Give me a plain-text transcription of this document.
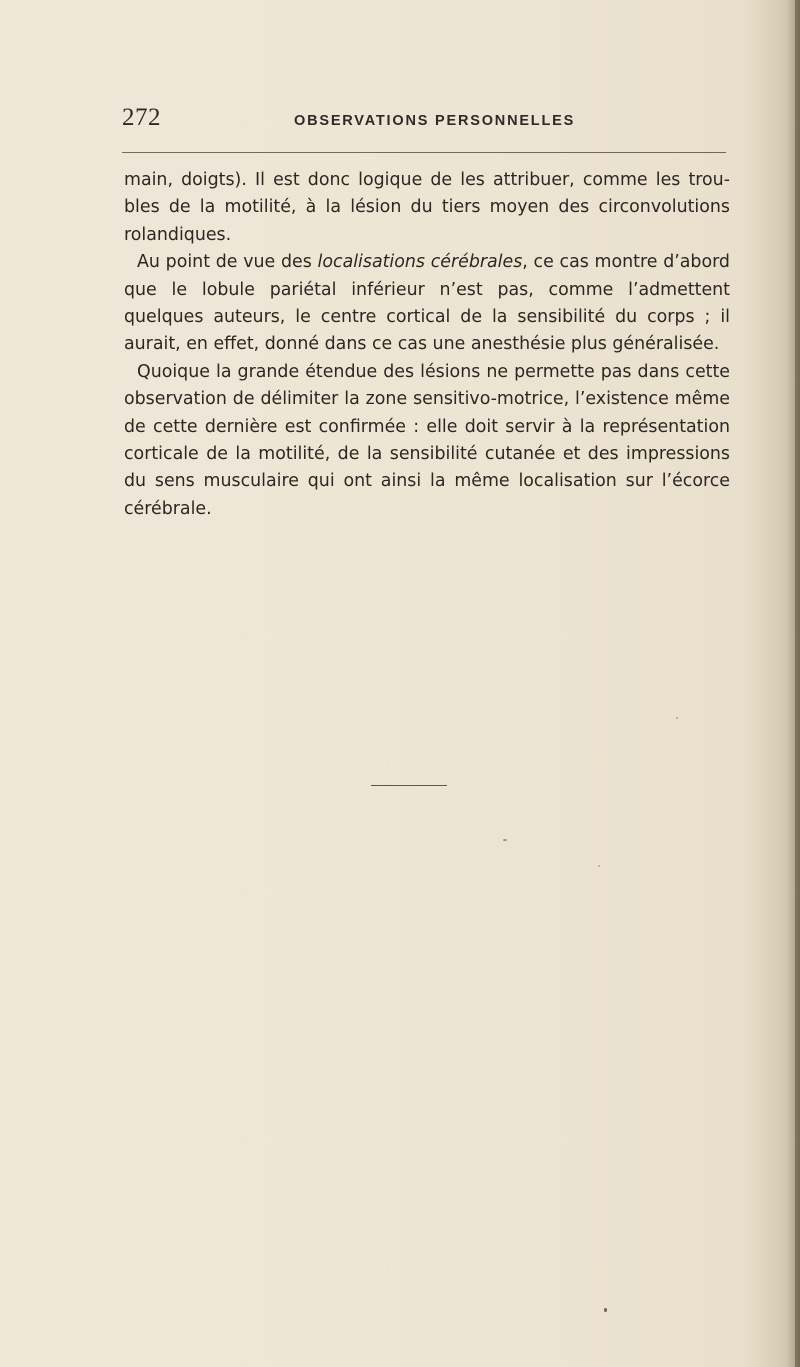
272	OBSERVATIONS PERSONNELLES

main, doigts). Il est donc logique de les attribuer, comme les troubles de la motilité, à la lésion du tiers moyen des circonvolutions rolandiques.

Au point de vue des localisations cérébrales, ce cas montre d’abord que le lobule pariétal inférieur n’est pas, comme l’admettent quelques auteurs, le centre cortical de la sensibilité du corps ; il aurait, en effet, donné dans ce cas une anesthésie plus généralisée.

Quoique la grande étendue des lésions ne permette pas dans cette observation de délimiter la zone sensitivo-motrice, l’existence même de cette dernière est confirmée : elle doit servir à la représentation corticale de la motilité, de la sensibilité cutanée et des impressions du sens musculaire qui ont ainsi la même localisation sur l’écorce cérébrale.
